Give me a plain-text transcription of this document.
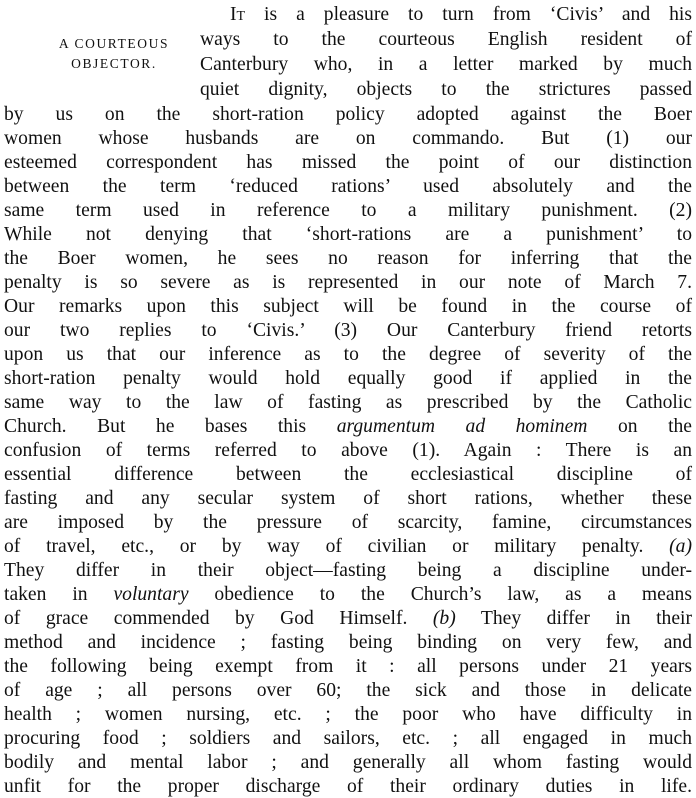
A COURTEOUS
OBJECTOR.
It is a pleasure to turn from ‘Civis’ and his
ways to the courteous English resident of
Canterbury who, in a letter marked by much
quiet dignity, objects to the strictures passed
by us on the short-ration policy adopted against the Boer
women whose husbands are on commando. But (1) our
esteemed correspondent has missed the point of our distinction
between the term ‘reduced rations’ used absolutely and the
same term used in reference to a military punishment. (2)
While not denying that ‘short-rations are a punishment’ to
the Boer women, he sees no reason for inferring that the
penalty is so severe as is represented in our note of March 7.
Our remarks upon this subject will be found in the course of
our two replies to ‘Civis.’ (3) Our Canterbury friend retorts
upon us that our inference as to the degree of severity of the
short-ration penalty would hold equally good if applied in the
same way to the law of fasting as prescribed by the Catholic
Church. But he bases this argumentum ad hominem on the
confusion of terms referred to above (1). Again : There is an
essential difference between the ecclesiastical discipline of
fasting and any secular system of short rations, whether these
are imposed by the pressure of scarcity, famine, circumstances
of travel, etc., or by way of civilian or military penalty. (a)
They differ in their object—fasting being a discipline under-
taken in voluntary obedience to the Church’s law, as a means
of grace commended by God Himself. (b) They differ in their
method and incidence ; fasting being binding on very few, and
the following being exempt from it : all persons under 21 years
of age ; all persons over 60; the sick and those in delicate
health ; women nursing, etc. ; the poor who have difficulty in
procuring food ; soldiers and sailors, etc. ; all engaged in much
bodily and mental labor ; and generally all whom fasting would
unfit for the proper discharge of their ordinary duties in life.
